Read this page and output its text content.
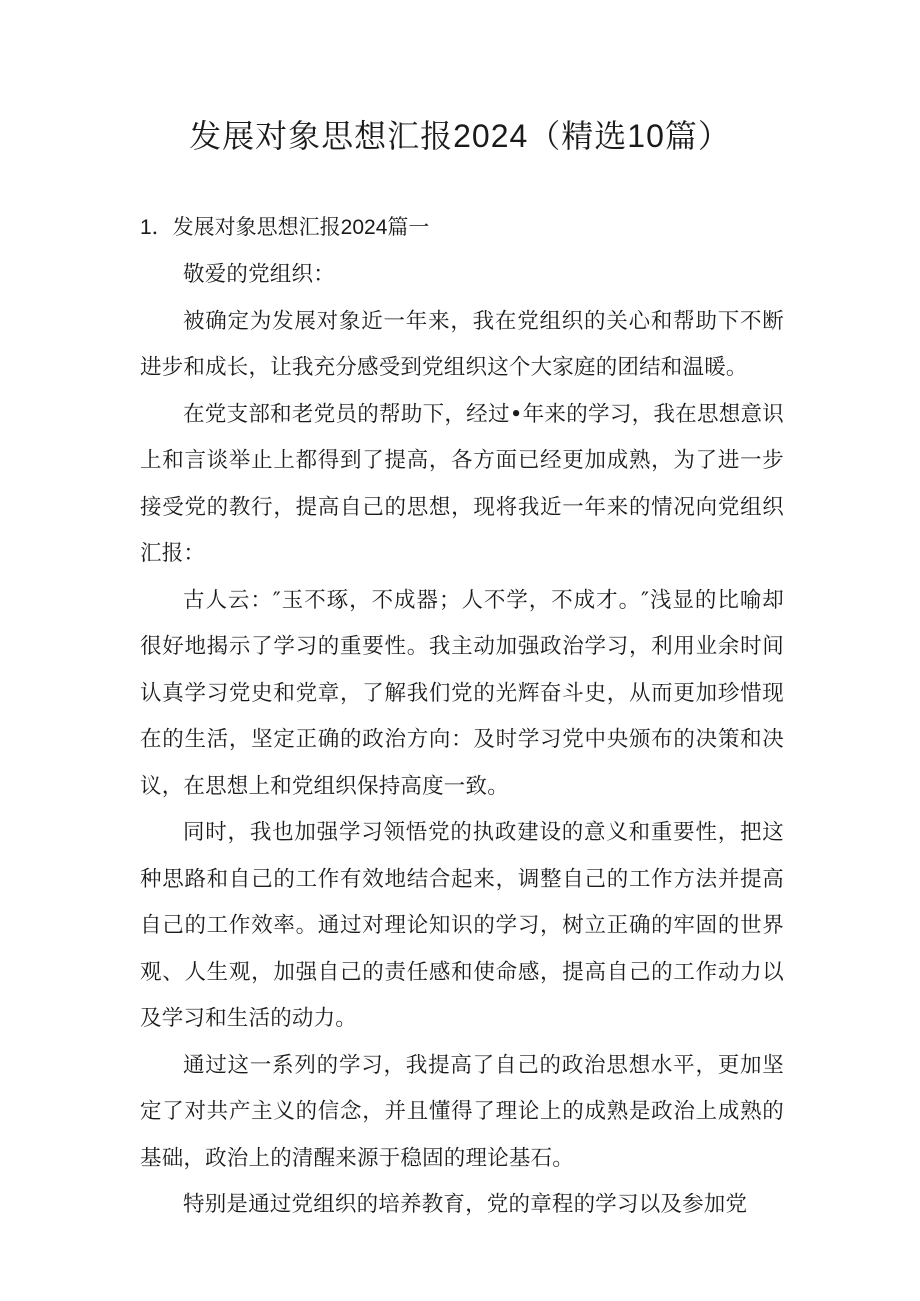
发展对象思想汇报2024（精选10篇）
1．发展对象思想汇报2024篇一

敬爱的党组织：

被确定为发展对象近一年来，我在党组织的关心和帮助下不断进步和成长，让我充分感受到党组织这个大家庭的团结和温暖。

在党支部和老党员的帮助下，经过•年来的学习，我在思想意识上和言谈举止上都得到了提高，各方面已经更加成熟，为了进一步接受党的教行，提高自己的思想，现将我近一年来的情况向党组织汇报：

古人云：″玉不琢，不成器；人不学，不成才。″浅显的比喻却很好地揭示了学习的重要性。我主动加强政治学习，利用业余时间认真学习党史和党章，了解我们党的光辉奋斗史，从而更加珍惜现在的生活，坚定正确的政治方向：及时学习党中央颁布的决策和决议，在思想上和党组织保持高度一致。

同时，我也加强学习领悟党的执政建设的意义和重要性，把这种思路和自己的工作有效地结合起来，调整自己的工作方法并提高自己的工作效率。通过对理论知识的学习，树立正确的牢固的世界观、人生观，加强自己的责任感和使命感，提高自己的工作动力以及学习和生活的动力。

通过这一系列的学习，我提高了自己的政治思想水平，更加坚定了对共产主义的信念，并且懂得了理论上的成熟是政治上成熟的基础，政治上的清醒来源于稳固的理论基石。

特别是通过党组织的培养教育，党的章程的学习以及参加党
